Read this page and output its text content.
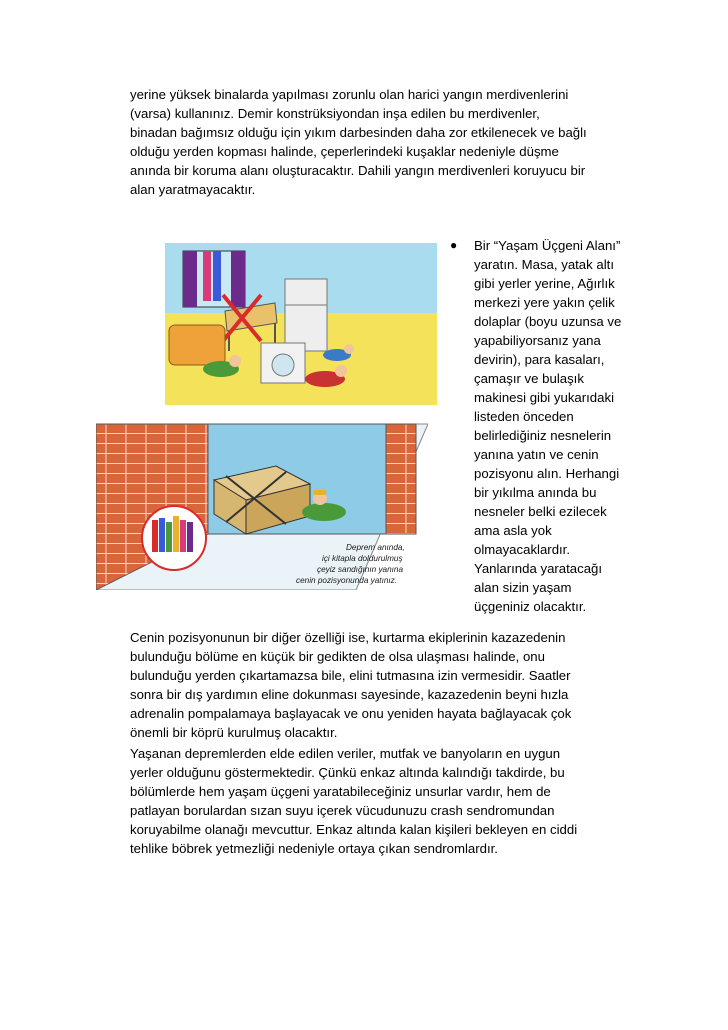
yerine yüksek binalarda yapılması zorunlu olan harici yangın merdivenlerini
(varsa) kullanınız. Demir konstrüksiyondan inşa edilen bu merdivenler,
binadan bağımsız olduğu için yıkım darbesinden daha zor etkilenecek ve bağlı
olduğu yerden kopması halinde, çeperlerindeki kuşaklar nedeniyle düşme
anında bir koruma alanı oluşturacaktır. Dahili yangın merdivenleri koruyucu bir
alan yaratmayacaktır.

Deprem anında,
içi kitapla doldurulmuş
çeyiz sandığının yanına
cenin pozisyonunda yatınız.
● Bir “Yaşam Üçgeni Alanı”
yaratın. Masa, yatak altı
gibi yerler yerine, Ağırlık
merkezi yere yakın çelik
dolaplar (boyu uzunsa ve
yapabiliyorsanız yana
devirin), para kasaları,
çamaşır ve bulaşık
makinesi gibi yukarıdaki
listeden önceden
belirlediğiniz nesnelerin
yanına yatın ve cenin
pozisyonu alın. Herhangi
bir yıkılma anında bu
nesneler belki ezilecek
ama asla yok
olmayacaklardır.
Yanlarında yaratacağı
alan sizin yaşam
üçgeniniz olacaktır.

Cenin pozisyonunun bir diğer özelliği ise, kurtarma ekiplerinin kazazedenin
bulunduğu bölüme en küçük bir gedikten de olsa ulaşması halinde, onu
bulunduğu yerden çıkartamazsa bile, elini tutmasına izin vermesidir. Saatler
sonra bir dış yardımın eline dokunması sayesinde, kazazedenin beyni hızla
adrenalin pompalamaya başlayacak ve onu yeniden hayata bağlayacak çok
önemli bir köprü kurulmuş olacaktır.

Yaşanan depremlerden elde edilen veriler, mutfak ve banyoların en uygun
yerler olduğunu göstermektedir. Çünkü enkaz altında kalındığı takdirde, bu
bölümlerde hem yaşam üçgeni yaratabileceğiniz unsurlar vardır, hem de
patlayan borulardan sızan suyu içerek vücudunuzu crash sendromundan
koruyabilme olanağı mevcuttur. Enkaz altında kalan kişileri bekleyen en ciddi
tehlike böbrek yetmezliği nedeniyle ortaya çıkan sendromlardır.
